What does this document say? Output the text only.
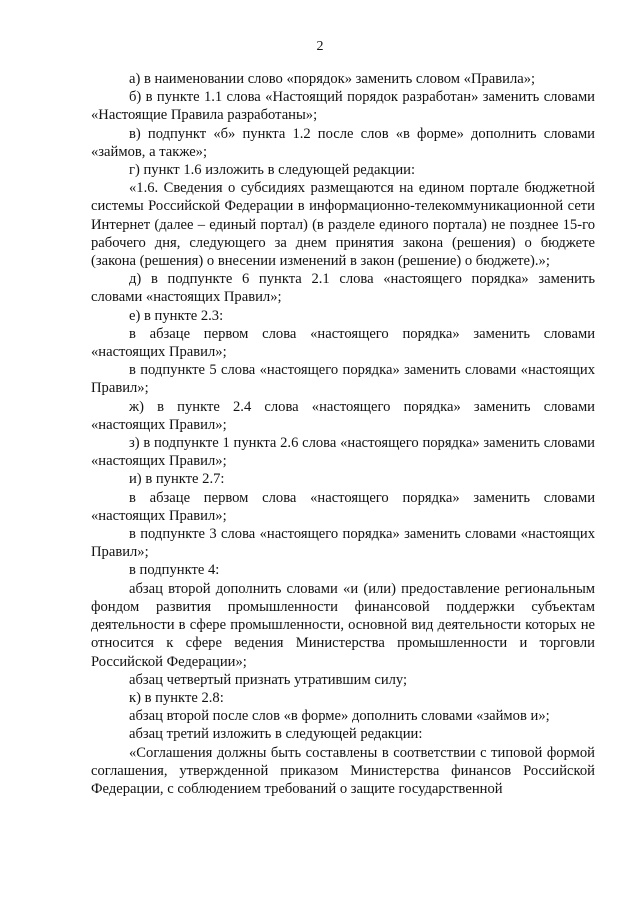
2

а) в наименовании слово «порядок» заменить словом «Правила»;

б) в пункте 1.1 слова «Настоящий порядок разработан» заменить словами «Настоящие Правила разработаны»;

в) подпункт «б» пункта 1.2 после слов «в форме» дополнить словами «займов, а также»;

г) пункт 1.6 изложить в следующей редакции:

«1.6. Сведения о субсидиях размещаются на едином портале бюджетной системы Российской Федерации в информационно-телекоммуникационной сети Интернет (далее – единый портал) (в разделе единого портала) не позднее 15-го рабочего дня, следующего за днем принятия закона (решения) о бюджете (закона (решения) о внесении изменений в закон (решение) о бюджете).»;

д) в подпункте 6 пункта 2.1 слова «настоящего порядка» заменить словами «настоящих Правил»;

е) в пункте 2.3:

в абзаце первом слова «настоящего порядка» заменить словами «настоящих Правил»;

в подпункте 5 слова «настоящего порядка» заменить словами «настоящих Правил»;

ж) в пункте 2.4 слова «настоящего порядка» заменить словами «настоящих Правил»;

з) в подпункте 1 пункта 2.6 слова «настоящего порядка» заменить словами «настоящих Правил»;

и) в пункте 2.7:

в абзаце первом слова «настоящего порядка» заменить словами «настоящих Правил»;

в подпункте 3 слова «настоящего порядка» заменить словами «настоящих Правил»;

в подпункте 4:

абзац второй дополнить словами «и (или) предоставление региональным фондом развития промышленности финансовой поддержки субъектам деятельности в сфере промышленности, основной вид деятельности которых не относится к сфере ведения Министерства промышленности и торговли Российской Федерации»;

абзац четвертый признать утратившим силу;

к) в пункте 2.8:

абзац второй после слов «в форме» дополнить словами «займов и»;

абзац третий изложить в следующей редакции:

«Соглашения должны быть составлены в соответствии с типовой формой соглашения, утвержденной приказом Министерства финансов Российской Федерации, с соблюдением требований о защите государственной
